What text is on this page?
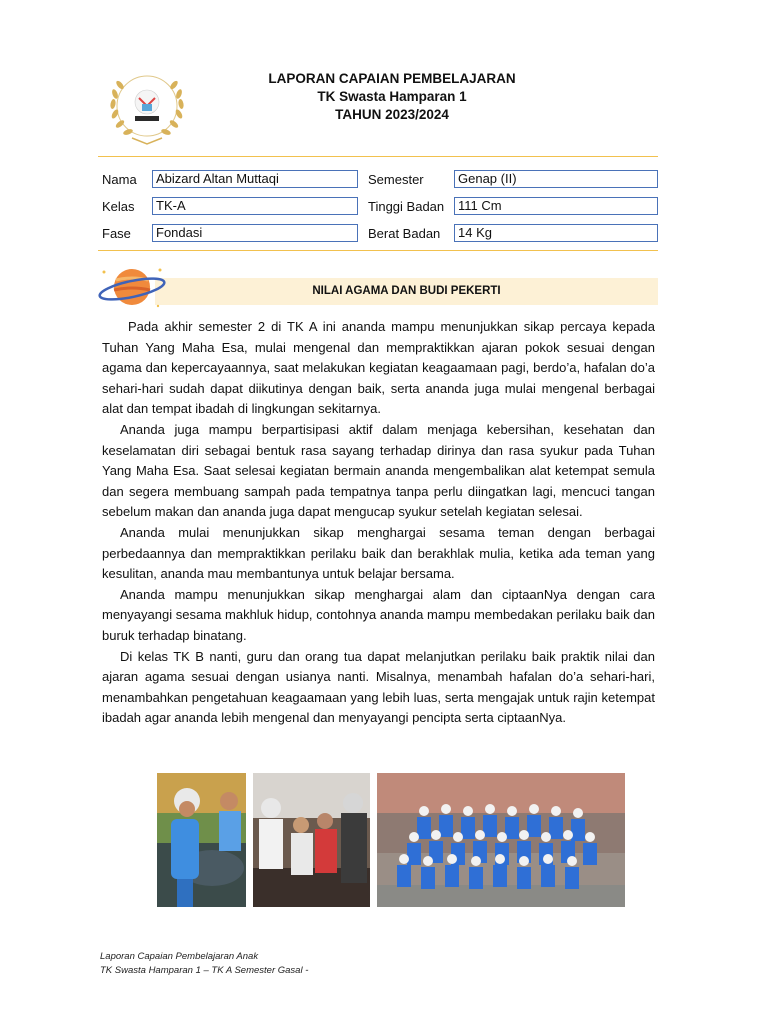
LAPORAN CAPAIAN PEMBELAJARAN
TK Swasta Hamparan 1
TAHUN 2023/2024
Nama	Abizard Altan Muttaqi
Kelas	TK-A
Fase	Fondasi
Semester	Genap (II)
Tinggi Badan	111 Cm
Berat Badan	14 Kg
NILAI AGAMA DAN BUDI PEKERTI

Pada akhir semester 2 di TK A ini ananda mampu menunjukkan sikap percaya kepada Tuhan Yang Maha Esa, mulai mengenal dan mempraktikkan ajaran pokok sesuai dengan agama dan kepercayaannya, saat melakukan kegiatan keagaamaan pagi, berdo’a, hafalan do’a sehari-hari sudah dapat diikutinya dengan baik, serta ananda juga mulai mengenal berbagai alat dan tempat ibadah di lingkungan sekitarnya.

Ananda juga mampu berpartisipasi aktif dalam menjaga kebersihan, kesehatan dan keselamatan diri sebagai bentuk rasa sayang terhadap dirinya dan rasa syukur pada Tuhan Yang Maha Esa. Saat selesai kegiatan bermain ananda mengembalikan alat ketempat semula dan segera membuang sampah pada tempatnya tanpa perlu diingatkan lagi, mencuci tangan sebelum makan dan ananda juga dapat mengucap syukur setelah kegiatan selesai.

Ananda mulai menunjukkan sikap menghargai sesama teman dengan berbagai perbedaannya dan mempraktikkan perilaku baik dan berakhlak mulia, ketika ada teman yang kesulitan, ananda mau membantunya untuk belajar bersama.

Ananda mampu menunjukkan sikap menghargai alam dan ciptaanNya dengan cara menyayangi sesama makhluk hidup, contohnya ananda mampu membedakan perilaku baik dan buruk terhadap binatang.

Di kelas TK B nanti, guru dan orang tua dapat melanjutkan perilaku baik praktik nilai dan ajaran agama sesuai dengan usianya nanti. Misalnya, menambah hafalan do’a sehari-hari, menambahkan pengetahuan keagaamaan yang lebih luas, serta mengajak untuk rajin ketempat ibadah agar ananda lebih mengenal dan menyayangi pencipta serta ciptaanNya.

Laporan Capaian Pembelajaran Anak
TK Swasta Hamparan 1 – TK A Semester Gasal -
